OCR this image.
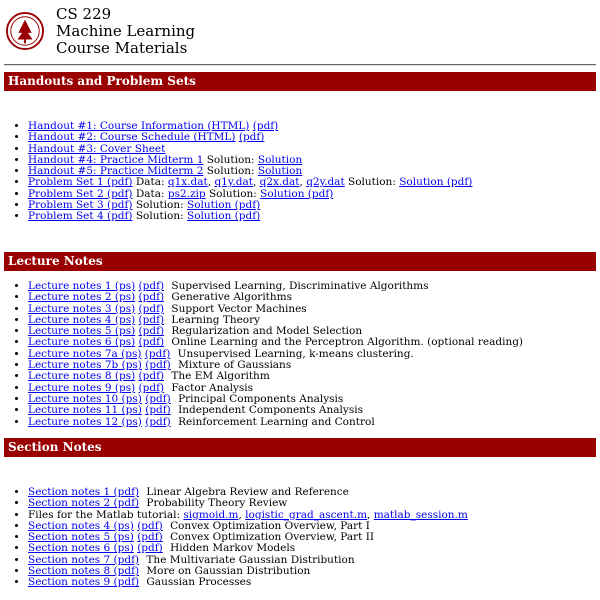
CS 229
Machine Learning
Course Materials
Handouts and Problem Sets
• Handout #1: Course Information (HTML) (pdf)
• Handout #2: Course Schedule (HTML) (pdf)
• Handout #3: Cover Sheet
• Handout #4: Practice Midterm 1 Solution: Solution
• Handout #5: Practice Midterm 2 Solution: Solution
• Problem Set 1 (pdf) Data: q1x.dat, q1y.dat, q2x.dat, q2y.dat Solution: Solution (pdf)
• Problem Set 2 (pdf) Data: ps2.zip Solution: Solution (pdf)
• Problem Set 3 (pdf) Solution: Solution (pdf)
• Problem Set 4 (pdf) Solution: Solution (pdf)
Lecture Notes
• Lecture notes 1 (ps) (pdf) Supervised Learning, Discriminative Algorithms
• Lecture notes 2 (ps) (pdf) Generative Algorithms
• Lecture notes 3 (ps) (pdf) Support Vector Machines
• Lecture notes 4 (ps) (pdf) Learning Theory
• Lecture notes 5 (ps) (pdf) Regularization and Model Selection
• Lecture notes 6 (ps) (pdf) Online Learning and the Perceptron Algorithm. (optional reading)
• Lecture notes 7a (ps) (pdf) Unsupervised Learning, k-means clustering.
• Lecture notes 7b (ps) (pdf) Mixture of Gaussians
• Lecture notes 8 (ps) (pdf) The EM Algorithm
• Lecture notes 9 (ps) (pdf) Factor Analysis
• Lecture notes 10 (ps) (pdf) Principal Components Analysis
• Lecture notes 11 (ps) (pdf) Independent Components Analysis
• Lecture notes 12 (ps) (pdf) Reinforcement Learning and Control
Section Notes
• Section notes 1 (pdf) Linear Algebra Review and Reference
• Section notes 2 (pdf) Probability Theory Review
• Files for the Matlab tutorial: sigmoid.m, logistic_grad_ascent.m, matlab_session.m
• Section notes 4 (ps) (pdf) Convex Optimization Overview, Part I
• Section notes 5 (ps) (pdf) Convex Optimization Overview, Part II
• Section notes 6 (ps) (pdf) Hidden Markov Models
• Section notes 7 (pdf) The Multivariate Gaussian Distribution
• Section notes 8 (pdf) More on Gaussian Distribution
• Section notes 9 (pdf) Gaussian Processes
